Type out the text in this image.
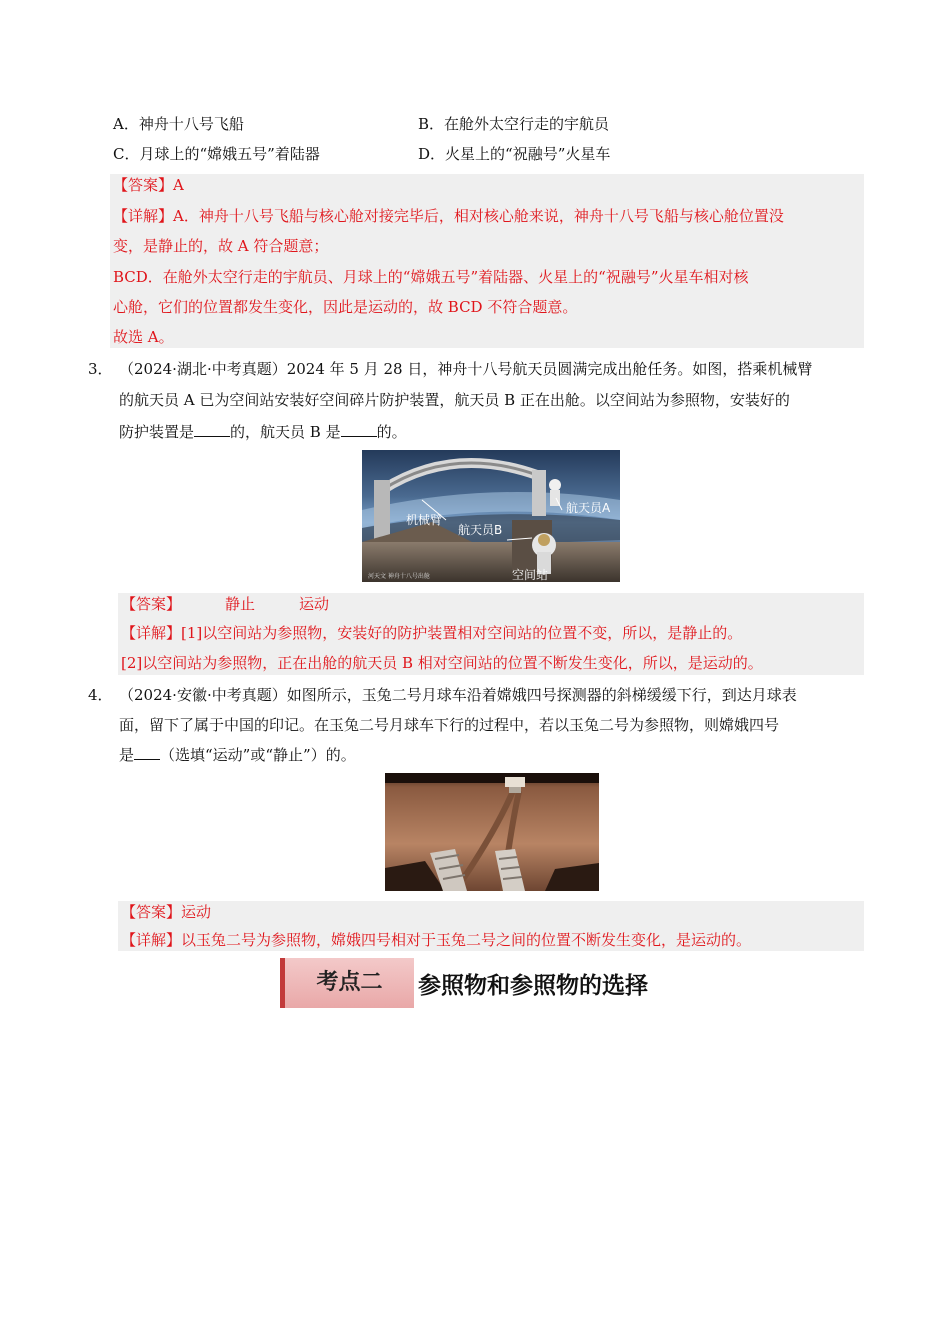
A．神舟十八号飞船	B．在舱外太空行走的宇航员
C．月球上的“嫦娥五号”着陆器	D．火星上的“祝融号”火星车
【答案】A
【详解】A．神舟十八号飞船与核心舱对接完毕后，相对核心舱来说，神舟十八号飞船与核心舱位置没
变，是静止的，故 A 符合题意；
BCD．在舱外太空行走的宇航员、月球上的“嫦娥五号”着陆器、火星上的“祝融号”火星车相对核
心舱，它们的位置都发生变化，因此是运动的，故 BCD 不符合题意。
故选 A。
3． （2024·湖北·中考真题）2024 年 5 月 28 日，神舟十八号航天员圆满完成出舱任务。如图，搭乘机械臂
的航天员 A 已为空间站安装好空间碎片防护装置，航天员 B 正在出舱。以空间站为参照物，安装好的
防护装置是 的，航天员 B 是 的。
机械臂
航天员B
航天员A
空间站
河天文 神舟十八号出舱
【答案】	静止	运动
【详解】[1]以空间站为参照物，安装好的防护装置相对空间站的位置不变，所以，是静止的。
[2]以空间站为参照物，正在出舱的航天员 B 相对空间站的位置不断发生变化，所以，是运动的。
4． （2024·安徽·中考真题）如图所示，玉兔二号月球车沿着嫦娥四号探测器的斜梯缓缓下行，到达月球表
面，留下了属于中国的印记。在玉兔二号月球车下行的过程中，若以玉兔二号为参照物，则嫦娥四号
是 （选填“运动”或“静止”）的。
【答案】运动
【详解】以玉兔二号为参照物，嫦娥四号相对于玉兔二号之间的位置不断发生变化，是运动的。
考点二	参照物和参照物的选择
